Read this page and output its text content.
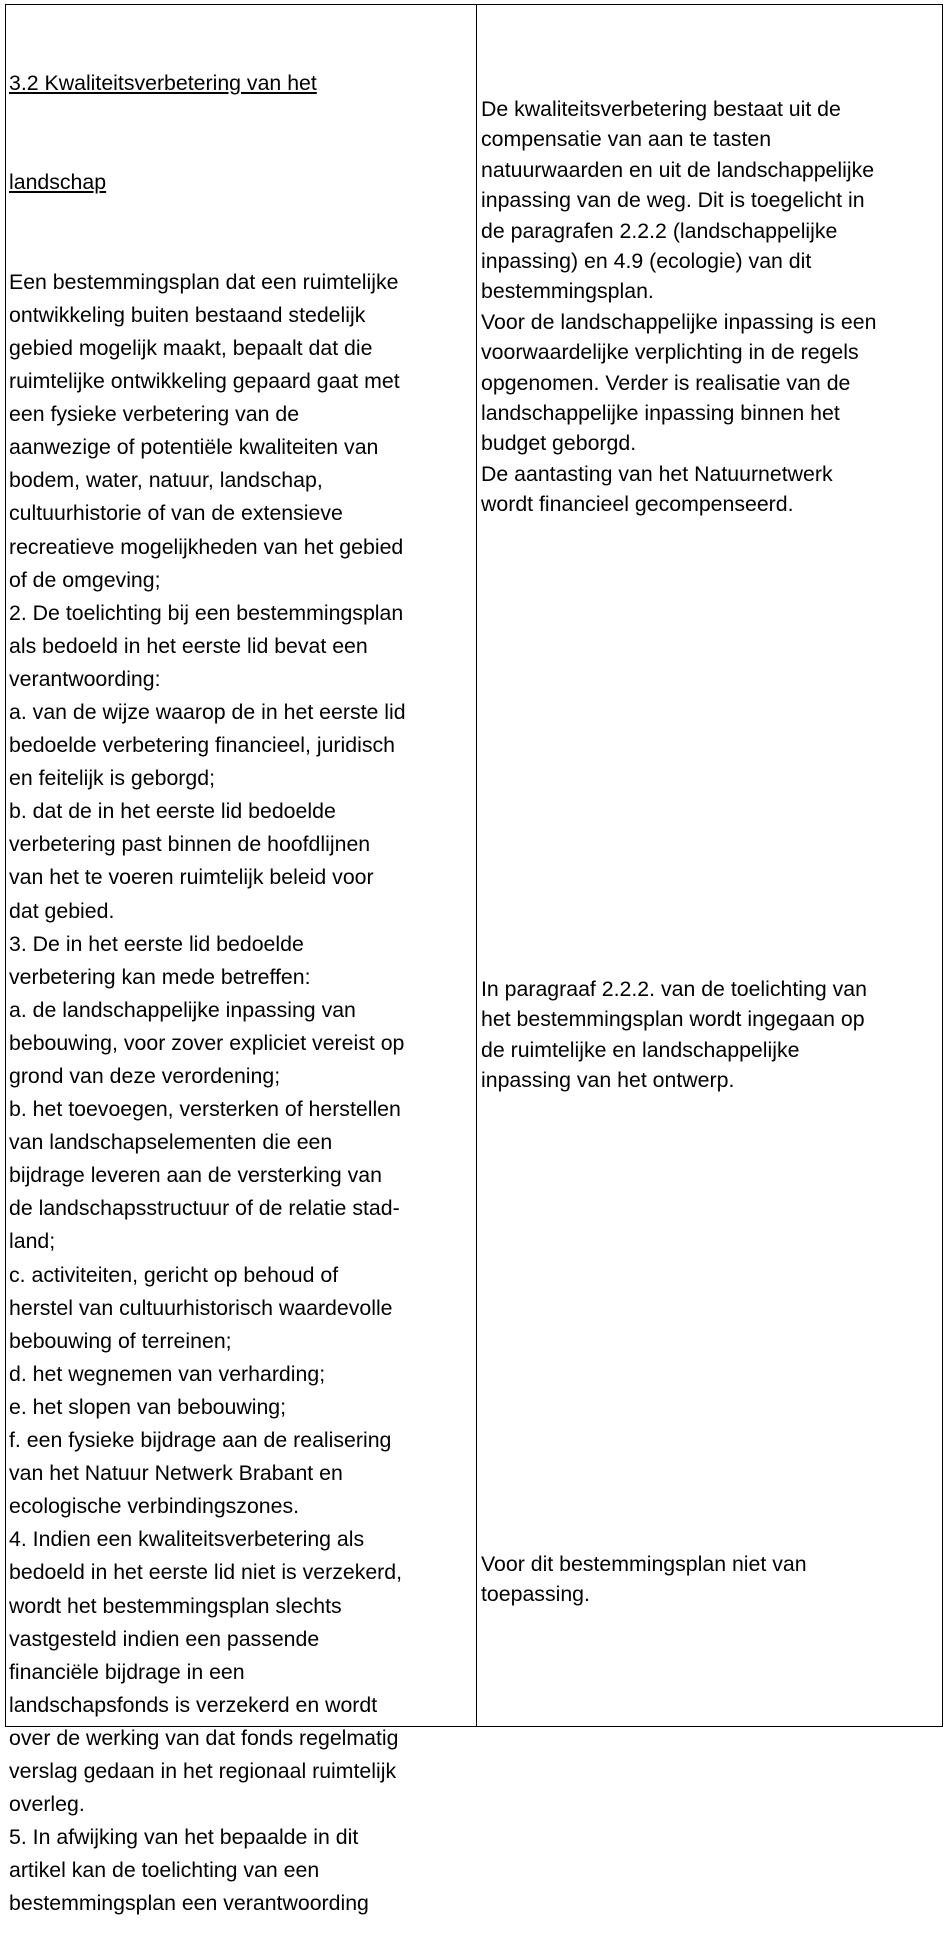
3.2 Kwaliteitsverbetering van het

landschap

Een bestemmingsplan dat een ruimtelijke
ontwikkeling buiten bestaand stedelijk
gebied mogelijk maakt, bepaalt dat die
ruimtelijke ontwikkeling gepaard gaat met
een fysieke verbetering van de
aanwezige of potentiële kwaliteiten van
bodem, water, natuur, landschap,
cultuurhistorie of van de extensieve
recreatieve mogelijkheden van het gebied
of de omgeving;
2. De toelichting bij een bestemmingsplan
als bedoeld in het eerste lid bevat een
verantwoording:
a. van de wijze waarop de in het eerste lid
bedoelde verbetering financieel, juridisch
en feitelijk is geborgd;
b. dat de in het eerste lid bedoelde
verbetering past binnen de hoofdlijnen
van het te voeren ruimtelijk beleid voor
dat gebied.
3. De in het eerste lid bedoelde
verbetering kan mede betreffen:
a. de landschappelijke inpassing van
bebouwing, voor zover expliciet vereist op
grond van deze verordening;
b. het toevoegen, versterken of herstellen
van landschapselementen die een
bijdrage leveren aan de versterking van
de landschapsstructuur of de relatie stad-
land;
c. activiteiten, gericht op behoud of
herstel van cultuurhistorisch waardevolle
bebouwing of terreinen;
d. het wegnemen van verharding;
e. het slopen van bebouwing;
f. een fysieke bijdrage aan de realisering
van het Natuur Netwerk Brabant en
ecologische verbindingszones.
4. Indien een kwaliteitsverbetering als
bedoeld in het eerste lid niet is verzekerd,
wordt het bestemmingsplan slechts
vastgesteld indien een passende
financiële bijdrage in een
landschapsfonds is verzekerd en wordt
over de werking van dat fonds regelmatig
verslag gedaan in het regionaal ruimtelijk
overleg.
5. In afwijking van het bepaalde in dit
artikel kan de toelichting van een
bestemmingsplan een verantwoording

De kwaliteitsverbetering bestaat uit de
compensatie van aan te tasten
natuurwaarden en uit de landschappelijke
inpassing van de weg. Dit is toegelicht in
de paragrafen 2.2.2 (landschappelijke
inpassing) en 4.9 (ecologie) van dit
bestemmingsplan.
Voor de landschappelijke inpassing is een
voorwaardelijke verplichting in de regels
opgenomen. Verder is realisatie van de
landschappelijke inpassing binnen het
budget geborgd.
De aantasting van het Natuurnetwerk
wordt financieel gecompenseerd.
In paragraaf 2.2.2. van de toelichting van
het bestemmingsplan wordt ingegaan op
de ruimtelijke en landschappelijke
inpassing van het ontwerp.
Voor dit bestemmingsplan niet van
toepassing.
